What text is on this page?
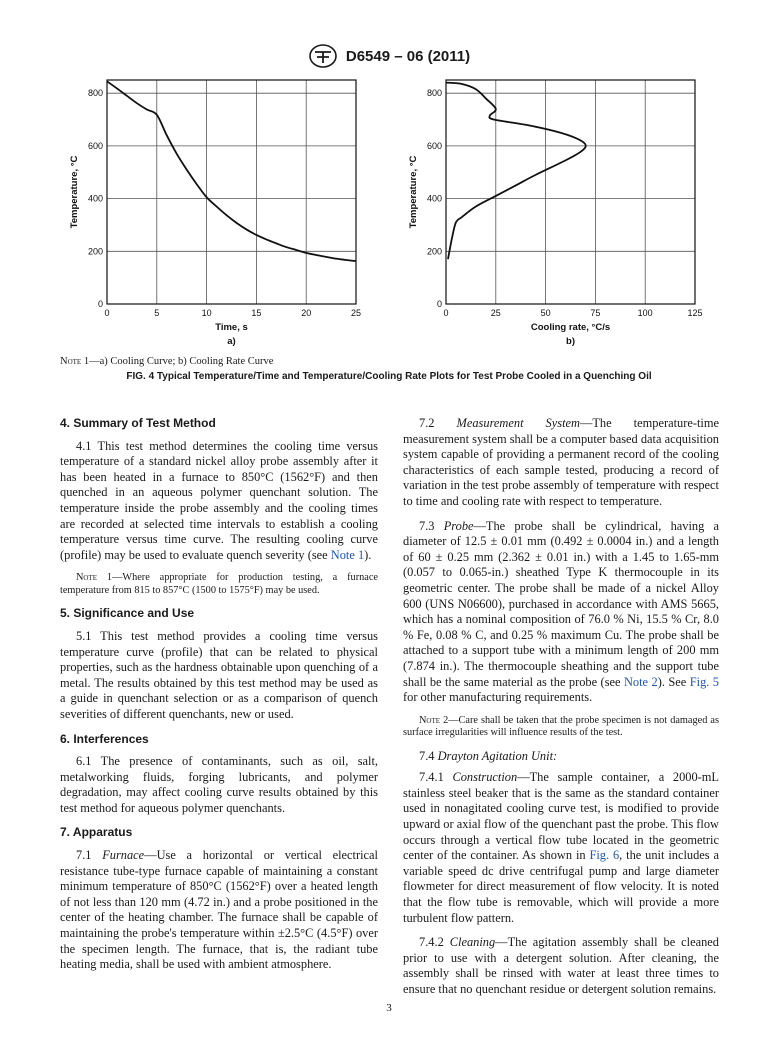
D6549 – 06 (2011)
0	5	10	15	20	25
0
200
400
600
800
Time, s
a)
Temperature, °C
0	25	50	75	100	125
0
200
400
600
800
Cooling rate, °C/s
b)
Temperature, °C
Note 1—a) Cooling Curve; b) Cooling Rate Curve
FIG. 4 Typical Temperature/Time and Temperature/Cooling Rate Plots for Test Probe Cooled in a Quenching Oil
4. Summary of Test Method

4.1 This test method determines the cooling time versus temperature of a standard nickel alloy probe assembly after it has been heated in a furnace to 850°C (1562°F) and then quenched in an aqueous polymer quenchant solution. The temperature inside the probe assembly and the cooling times are recorded at selected time intervals to establish a cooling temperature versus time curve. The resulting cooling curve (profile) may be used to evaluate quench severity (see Note 1).

Note 1—Where appropriate for production testing, a furnace temperature from 815 to 857°C (1500 to 1575°F) may be used.

5. Significance and Use

5.1 This test method provides a cooling time versus temperature curve (profile) that can be related to physical properties, such as the hardness obtainable upon quenching of a metal. The results obtained by this test method may be used as a guide in quenchant selection or as a comparison of quench severities of different quenchants, new or used.

6. Interferences

6.1 The presence of contaminants, such as oil, salt, metalworking fluids, forging lubricants, and polymer degradation, may affect cooling curve results obtained by this test method for aqueous polymer quenchants.

7. Apparatus

7.1 Furnace—Use a horizontal or vertical electrical resistance tube-type furnace capable of maintaining a constant minimum temperature of 850°C (1562°F) over a heated length of not less than 120 mm (4.72 in.) and a probe positioned in the center of the heating chamber. The furnace shall be capable of maintaining the probe's temperature within ±2.5°C (4.5°F) over the specimen length. The furnace, that is, the radiant tube heating media, shall be used with ambient atmosphere.

7.2 Measurement System—The temperature-time measurement system shall be a computer based data acquisition system capable of providing a permanent record of the cooling characteristics of each sample tested, producing a record of variation in the test probe assembly of temperature with respect to time and cooling rate with respect to temperature.

7.3 Probe—The probe shall be cylindrical, having a diameter of 12.5 ± 0.01 mm (0.492 ± 0.0004 in.) and a length of 60 ± 0.25 mm (2.362 ± 0.01 in.) with a 1.45 to 1.65-mm (0.057 to 0.065-in.) sheathed Type K thermocouple in its geometric center. The probe shall be made of a nickel Alloy 600 (UNS N06600), purchased in accordance with AMS 5665, which has a nominal composition of 76.0 % Ni, 15.5 % Cr, 8.0 % Fe, 0.08 % C, and 0.25 % maximum Cu. The probe shall be attached to a support tube with a minimum length of 200 mm (7.874 in.). The thermocouple sheathing and the support tube shall be the same material as the probe (see Note 2). See Fig. 5 for other manufacturing requirements.

Note 2—Care shall be taken that the probe specimen is not damaged as surface irregularities will influence results of the test.

7.4 Drayton Agitation Unit:

7.4.1 Construction—The sample container, a 2000-mL stainless steel beaker that is the same as the standard container used in nonagitated cooling curve test, is modified to provide upward or axial flow of the quenchant past the probe. This flow occurs through a vertical flow tube located in the geometric center of the container. As shown in Fig. 6, the unit includes a variable speed dc drive centrifugal pump and large diameter flowmeter for direct measurement of flow velocity. It is noted that the flow tube is removable, which will provide a more turbulent flow pattern.

7.4.2 Cleaning—The agitation assembly shall be cleaned prior to use with a detergent solution. After cleaning, the assembly shall be rinsed with water at least three times to ensure that no quenchant residue or detergent solution remains.

3
